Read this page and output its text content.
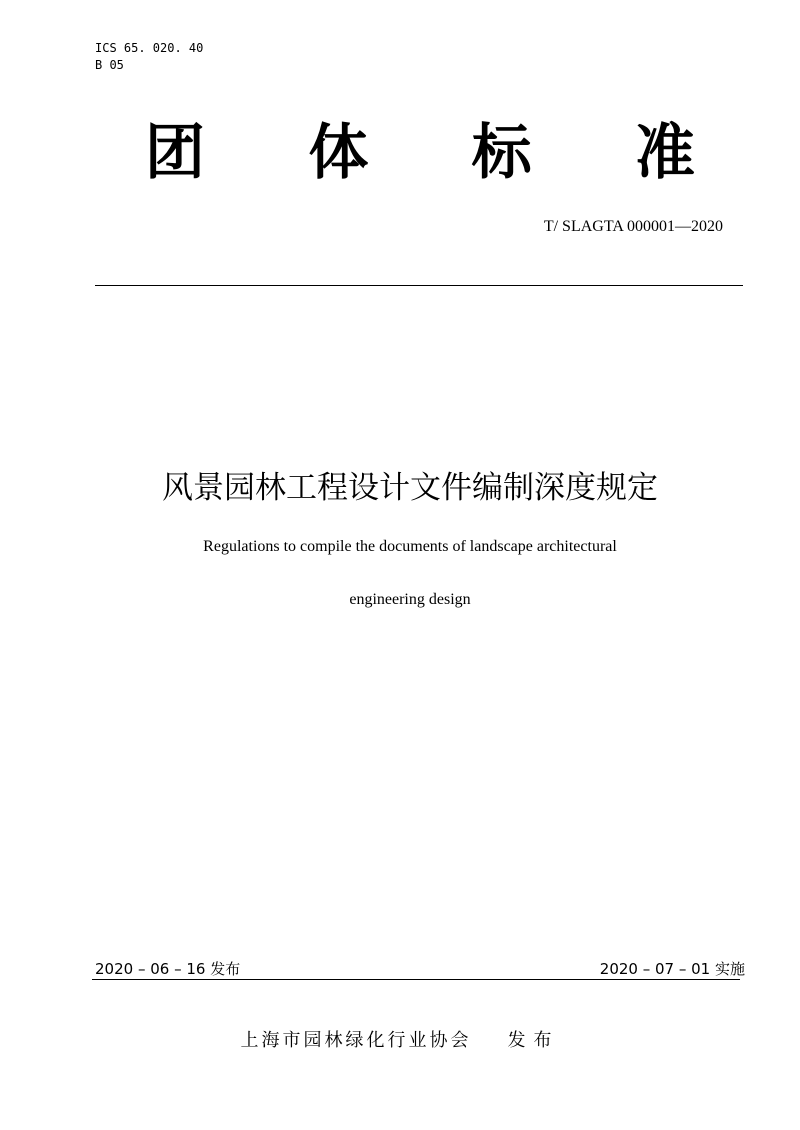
ICS 65. 020. 40
B 05
团 体 标 准
T/ SLAGTA 000001—2020
风景园林工程设计文件编制深度规定
Regulations to compile the documents of landscape architectural
engineering design
2020 – 06 – 16 发布	2020 – 07 – 01 实施
上海市园林绿化行业协会 发布
